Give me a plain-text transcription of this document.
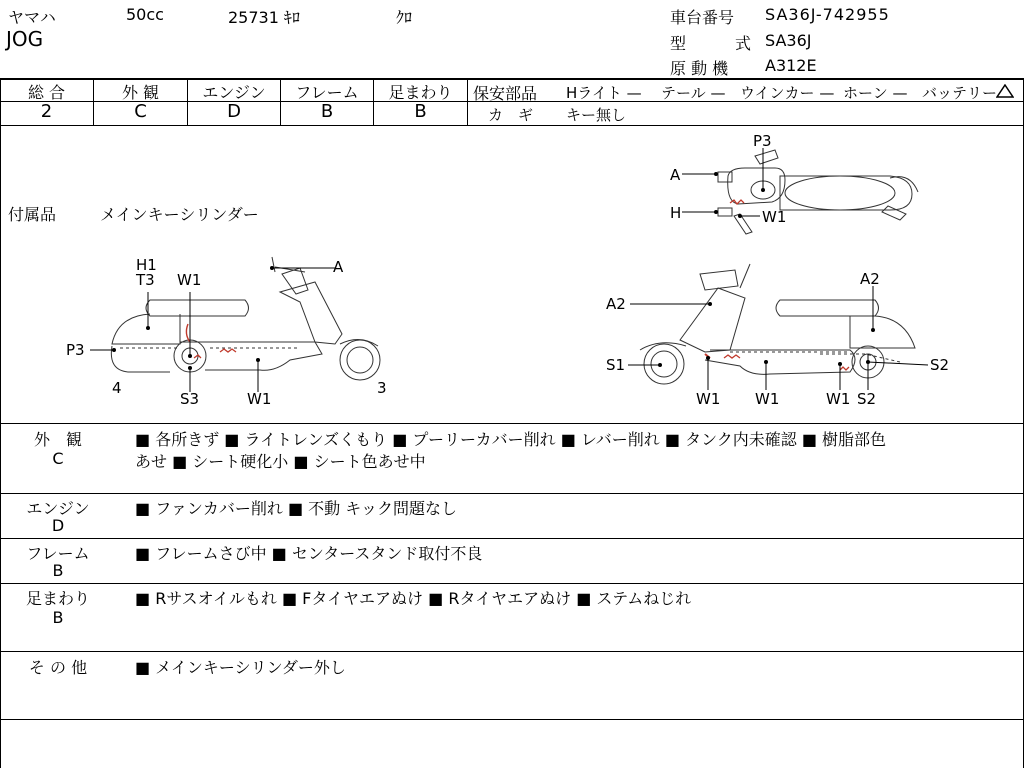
ヤマハ	50cc	25731 ｷﾛ	ｸﾛ
JOG
車台番号 SA36J-742955
型	式 SA36J
原 動 機 A312E
総 合
2
外 観
C
エンジン
D
フレーム
B
足まわり
B
保安部品 Hライト — テール — ウインカー — ホーン — バッテリー
カ　ギ キー無し
付属品	メインキーシリンダー
P3
A
H	W1
H1
T3 W1
A
P3
4
S3	W1
3
A2
A2
S1	S2
W1 W1	W1 S2
外　観
C
■ 各所きず ■ ライトレンズくもり ■ プーリーカバー削れ ■ レバー削れ ■ タンク内未確認 ■ 樹脂部色
あせ ■ シート硬化小 ■ シート色あせ中
エンジン
D
■ ファンカバー削れ ■ 不動 キック問題なし
フレーム
B
■ フレームさび中 ■ センタースタンド取付不良
足まわり
B
■ Rサスオイルもれ ■ Fタイヤエアぬけ ■ Rタイヤエアぬけ ■ ステムねじれ
そ の 他	■ メインキーシリンダー外し
